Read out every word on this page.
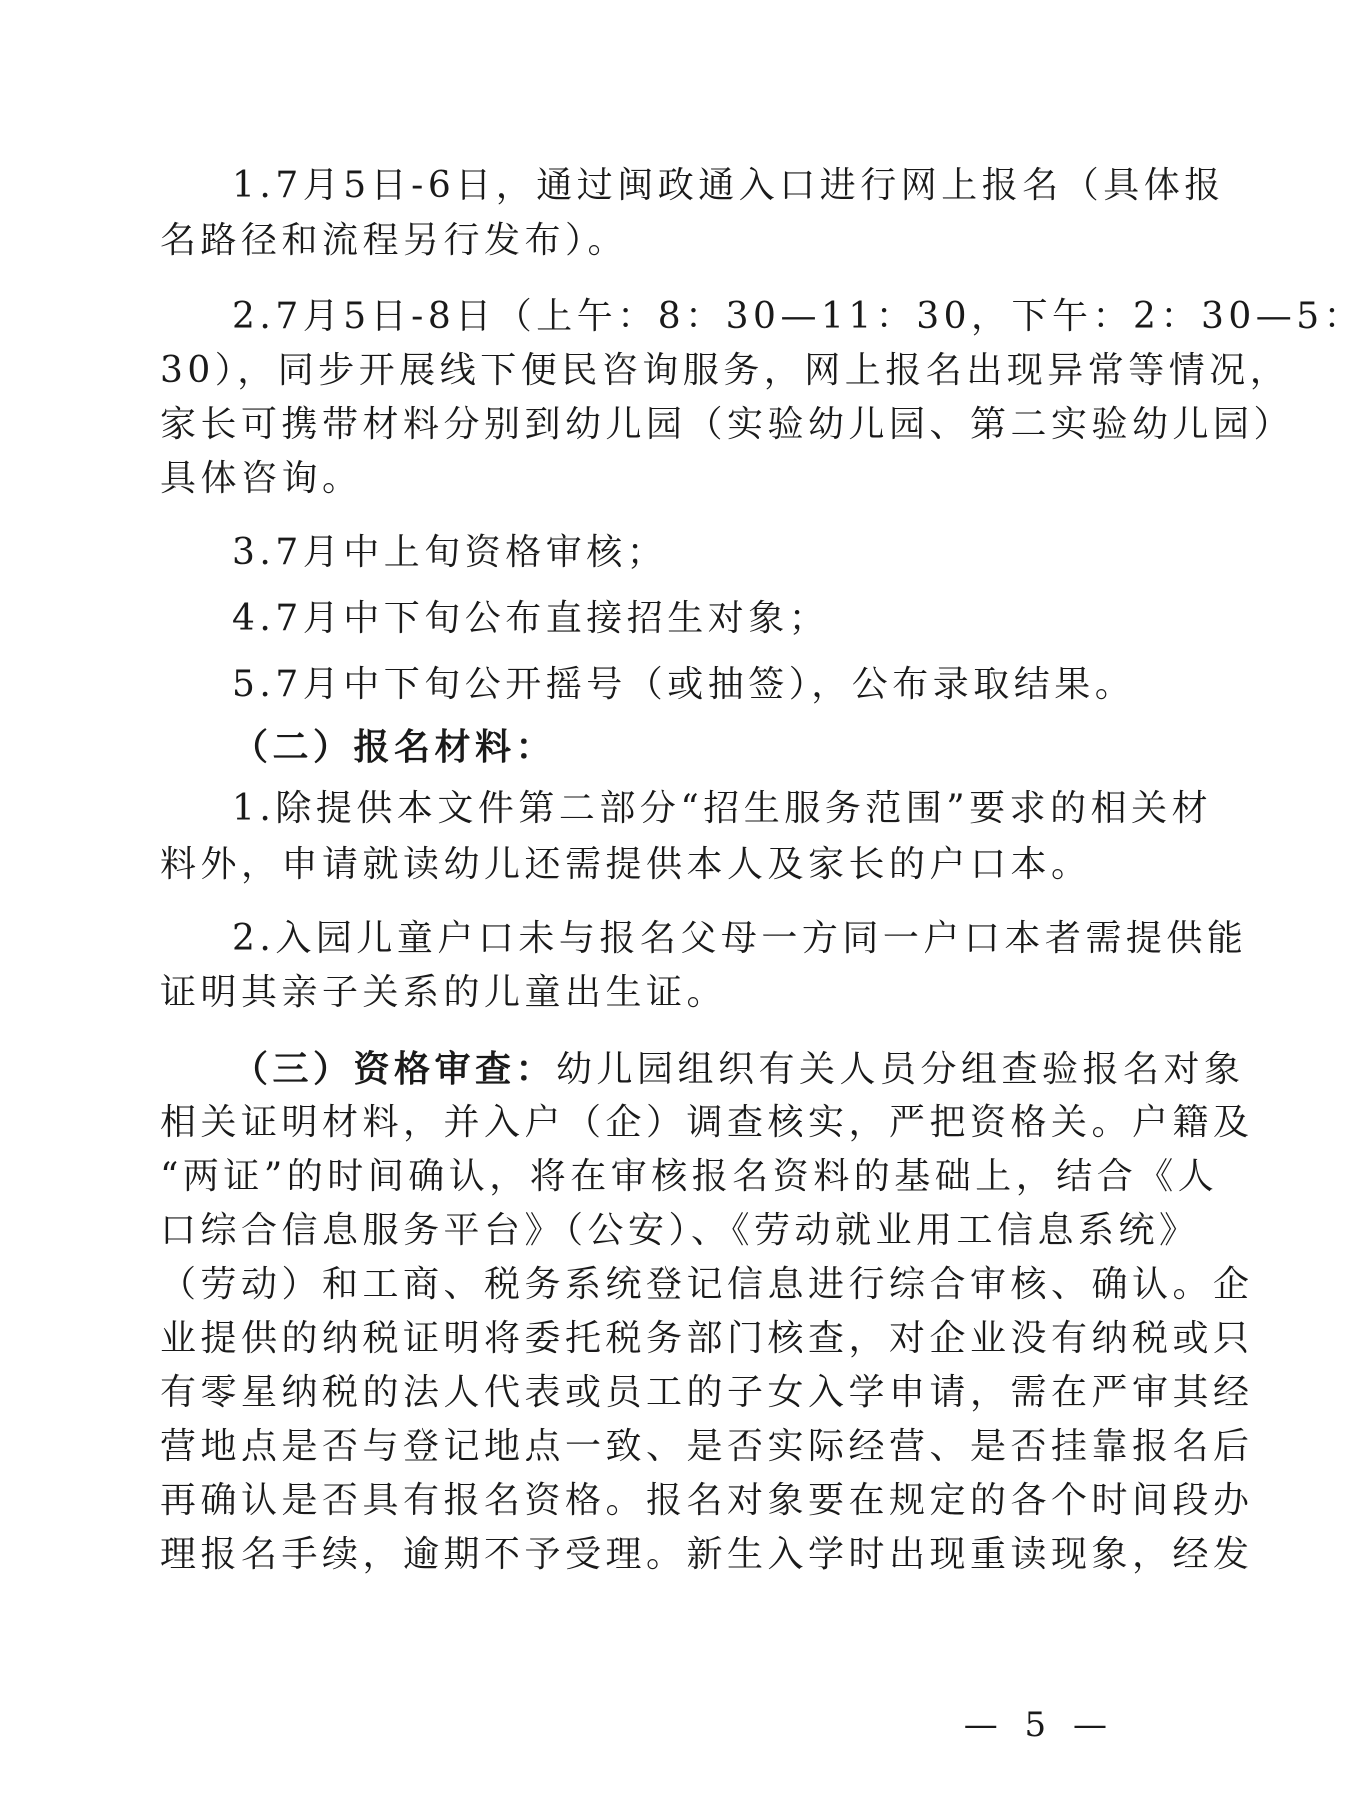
1.7月5日-6日，通过闽政通入口进行网上报名（具体报
名路径和流程另行发布）。
2.7月5日-8日（上午：8：30—11：30，下午：2：30—5：
30），同步开展线下便民咨询服务，网上报名出现异常等情况，
家长可携带材料分别到幼儿园（实验幼儿园、第二实验幼儿园）
具体咨询。
3.7月中上旬资格审核；
4.7月中下旬公布直接招生对象；
5.7月中下旬公开摇号（或抽签），公布录取结果。
（二）报名材料：
1.除提供本文件第二部分“招生服务范围”要求的相关材
料外，申请就读幼儿还需提供本人及家长的户口本。
2.入园儿童户口未与报名父母一方同一户口本者需提供能
证明其亲子关系的儿童出生证。
（三）资格审查：幼儿园组织有关人员分组查验报名对象
相关证明材料，并入户（企）调查核实，严把资格关。户籍及
“两证”的时间确认，将在审核报名资料的基础上，结合《人
口综合信息服务平台》（公安）、《劳动就业用工信息系统》
（劳动）和工商、税务系统登记信息进行综合审核、确认。企
业提供的纳税证明将委托税务部门核查，对企业没有纳税或只
有零星纳税的法人代表或员工的子女入学申请，需在严审其经
营地点是否与登记地点一致、是否实际经营、是否挂靠报名后
再确认是否具有报名资格。报名对象要在规定的各个时间段办
理报名手续，逾期不予受理。新生入学时出现重读现象，经发
— 5 —
